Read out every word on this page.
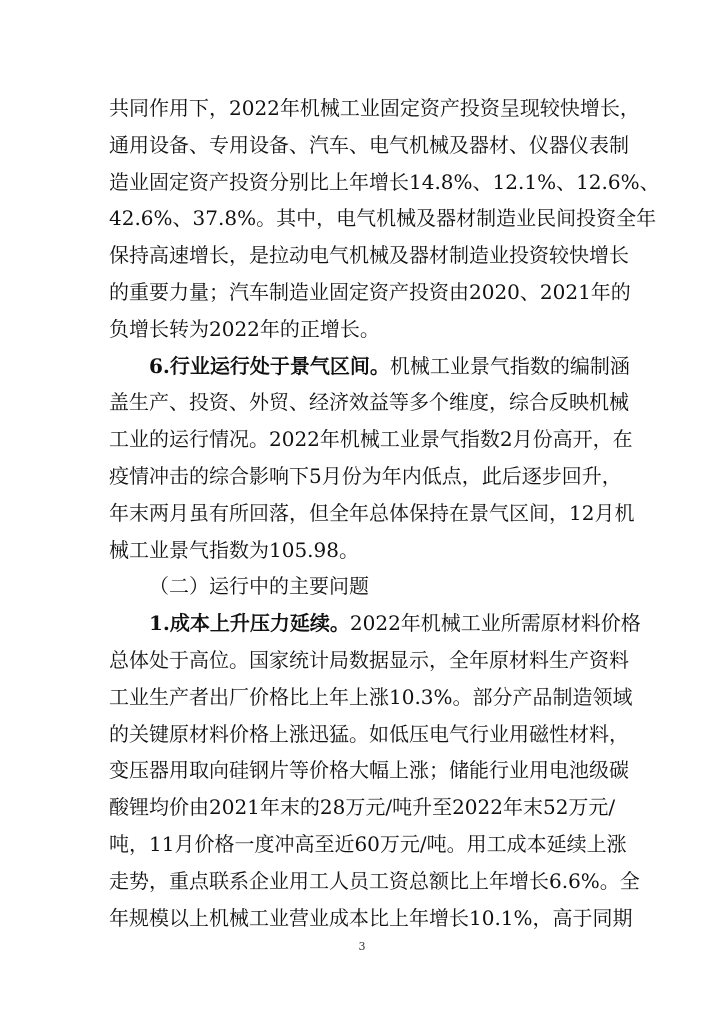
共同作用下，2022年机械工业固定资产投资呈现较快增长，
通用设备、专用设备、汽车、电气机械及器材、仪器仪表制
造业固定资产投资分别比上年增长14.8%、12.1%、12.6%、
42.6%、37.8%。其中，电气机械及器材制造业民间投资全年
保持高速增长，是拉动电气机械及器材制造业投资较快增长
的重要力量；汽车制造业固定资产投资由2020、2021年的
负增长转为2022年的正增长。
6.行业运行处于景气区间。机械工业景气指数的编制涵
盖生产、投资、外贸、经济效益等多个维度，综合反映机械
工业的运行情况。2022年机械工业景气指数2月份高开，在
疫情冲击的综合影响下5月份为年内低点，此后逐步回升，
年末两月虽有所回落，但全年总体保持在景气区间，12月机
械工业景气指数为105.98。
（二）运行中的主要问题
1.成本上升压力延续。2022年机械工业所需原材料价格
总体处于高位。国家统计局数据显示，全年原材料生产资料
工业生产者出厂价格比上年上涨10.3%。部分产品制造领域
的关键原材料价格上涨迅猛。如低压电气行业用磁性材料，
变压器用取向硅钢片等价格大幅上涨；储能行业用电池级碳
酸锂均价由2021年末的28万元/吨升至2022年末52万元/
吨，11月价格一度冲高至近60万元/吨。用工成本延续上涨
走势，重点联系企业用工人员工资总额比上年增长6.6%。全
年规模以上机械工业营业成本比上年增长10.1%，高于同期
3
